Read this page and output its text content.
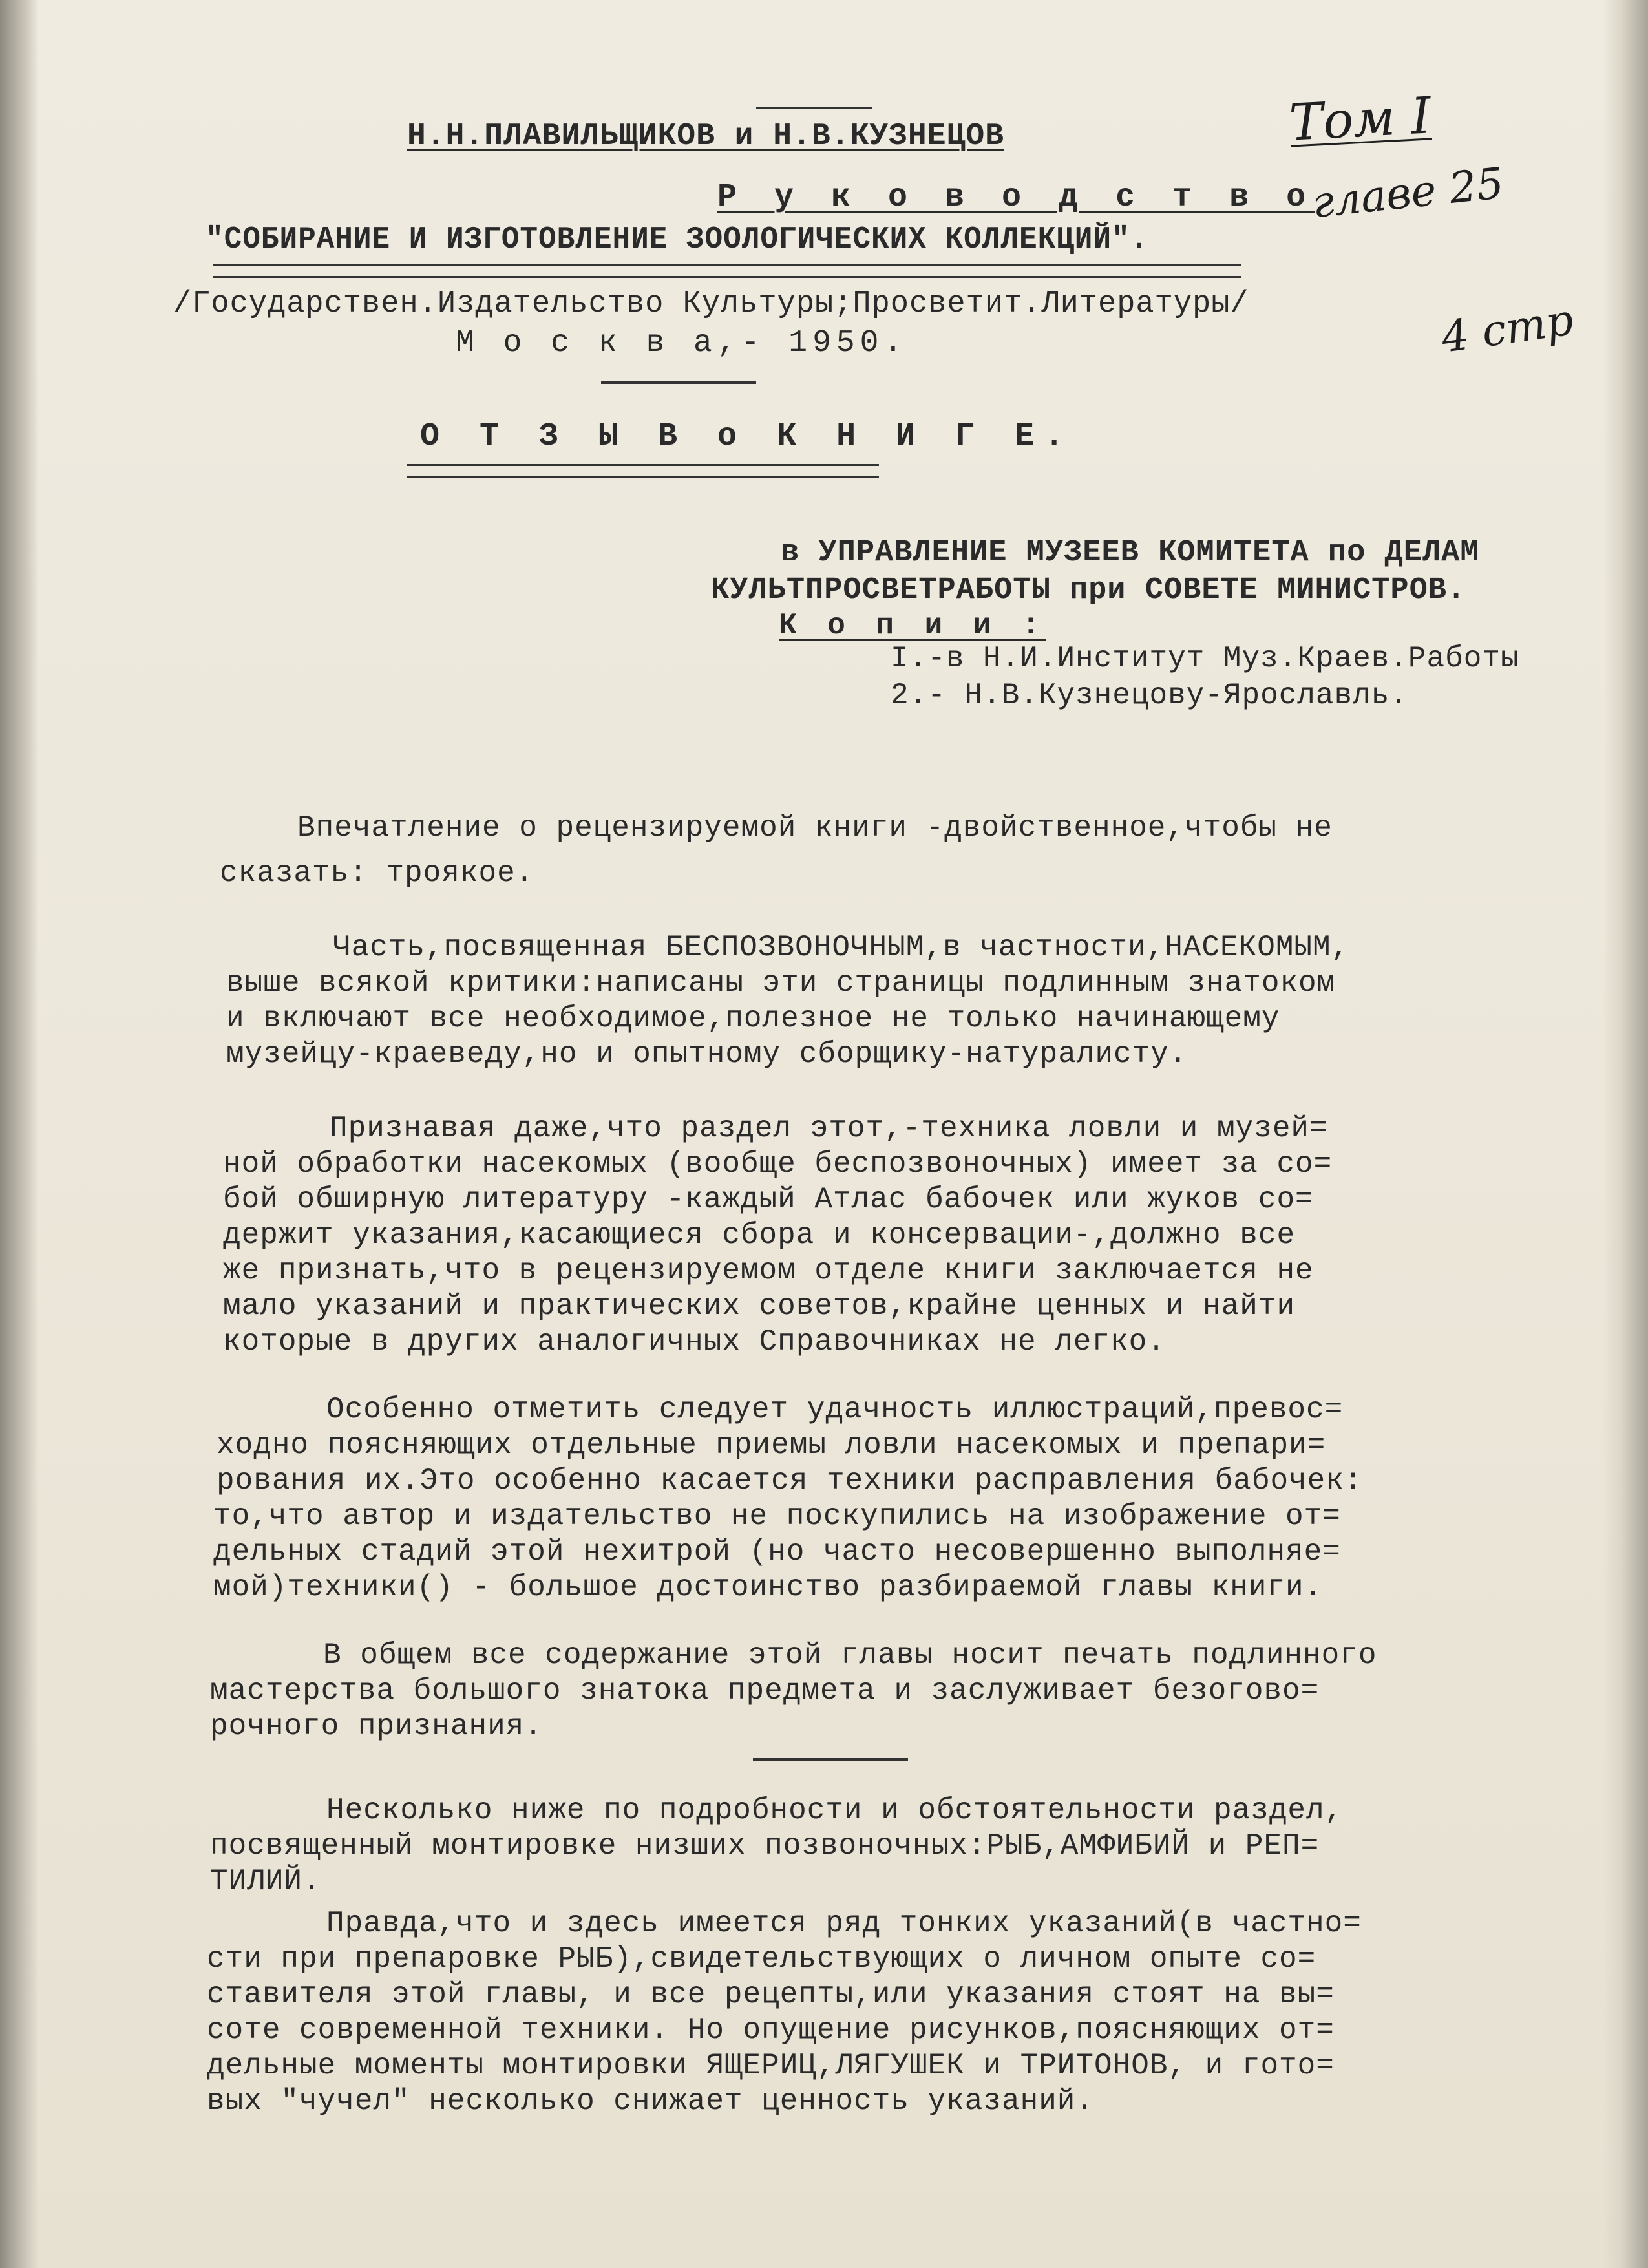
Н.Н.ПЛАВИЛЬЩИКОВ и Н.В.КУЗНЕЦОВ
Р у к о в о д с т в о
"СОБИРАНИЕ И ИЗГОТОВЛЕНИЕ ЗООЛОГИЧЕСКИХ КОЛЛЕКЦИЙ".
/Государствен.Издательство Культуры;Просветит.Литературы/
М о с к в а,- 1950.
О Т З Ы В о К Н И Г Е.
Том I
главе 25
4 стр
в УПРАВЛЕНИЕ МУЗЕЕВ КОМИТЕТА по ДЕЛАМ
КУЛЬТПРОСВЕТРАБОТЫ при СОВЕТЕ МИНИСТРОВ.
К о п и и :
I.-в Н.И.Институт Муз.Краев.Работы
2.- Н.В.Кузнецову-Ярославль.
Впечатление о рецензируемой книги -двойственное,чтобы не
сказать: троякое.
Часть,посвященная БЕСПОЗВОНОЧНЫМ,в частности,НАСЕКОМЫМ,
выше всякой критики:написаны эти страницы подлинным знатоком
и включают все необходимое,полезное не только начинающему
музейцу-краеведу,но и опытному сборщику-натуралисту.
Признавая даже,что раздел этот,-техника ловли и музей=
ной обработки насекомых (вообще беспозвоночных) имеет за со=
бой обширную литературу -каждый Атлас бабочек или жуков со=
держит указания,касающиеся сбора и консервации-,должно все
же признать,что в рецензируемом отделе книги заключается не
мало указаний и практических советов,крайне ценных и найти
которые в других аналогичных Справочниках не легко.
Особенно отметить следует удачность иллюстраций,превос=
ходно поясняющих отдельные приемы ловли насекомых и препари=
рования их.Это особенно касается техники расправления бабочек:
то,что автор и издательство не поскупились на изображение от=
дельных стадий этой нехитрой (но часто несовершенно выполняе=
мой)техники() - большое достоинство разбираемой главы книги.
В общем все содержание этой главы носит печать подлинного
мастерства большого знатока предмета и заслуживает безогово=
рочного признания.
Несколько ниже по подробности и обстоятельности раздел,
посвященный монтировке низших позвоночных:РЫБ,АМФИБИЙ и РЕП=
ТИЛИЙ.
Правда,что и здесь имеется ряд тонких указаний(в частно=
сти при препаровке РЫБ),свидетельствующих о личном опыте со=
ставителя этой главы, и все рецепты,или указания стоят на вы=
соте современной техники. Но опущение рисунков,поясняющих от=
дельные моменты монтировки ЯЩЕРИЦ,ЛЯГУШЕК и ТРИТОНОВ, и гото=
вых "чучел" несколько снижает ценность указаний.
